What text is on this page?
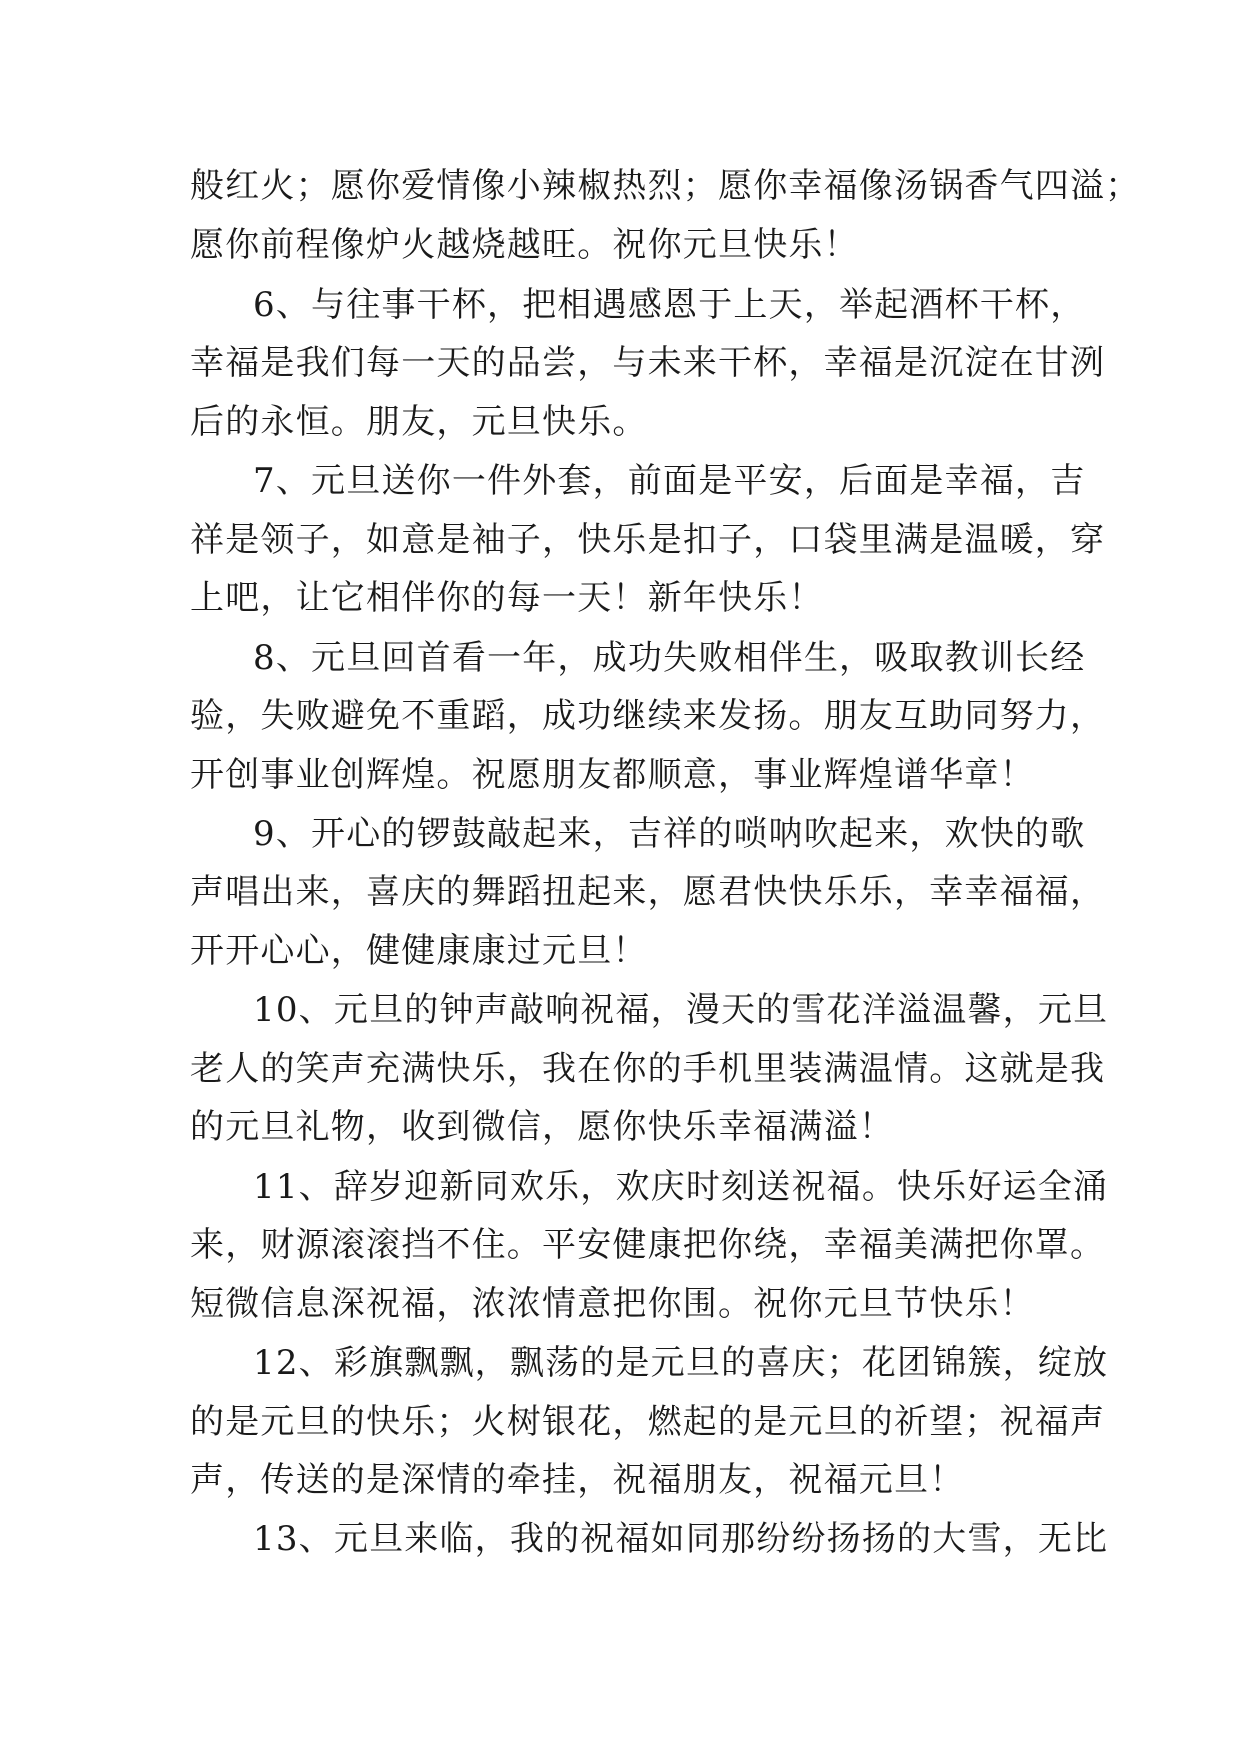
般红火；愿你爱情像小辣椒热烈；愿你幸福像汤锅香气四溢；
愿你前程像炉火越烧越旺。祝你元旦快乐！
6、与往事干杯，把相遇感恩于上天，举起酒杯干杯，
幸福是我们每一天的品尝，与未来干杯，幸福是沉淀在甘洌
后的永恒。朋友，元旦快乐。
7、元旦送你一件外套，前面是平安，后面是幸福，吉
祥是领子，如意是袖子，快乐是扣子，口袋里满是温暖，穿
上吧，让它相伴你的每一天！新年快乐！
8、元旦回首看一年，成功失败相伴生，吸取教训长经
验，失败避免不重蹈，成功继续来发扬。朋友互助同努力，
开创事业创辉煌。祝愿朋友都顺意，事业辉煌谱华章！
9、开心的锣鼓敲起来，吉祥的唢呐吹起来，欢快的歌
声唱出来，喜庆的舞蹈扭起来，愿君快快乐乐，幸幸福福，
开开心心，健健康康过元旦！
10、元旦的钟声敲响祝福，漫天的雪花洋溢温馨，元旦
老人的笑声充满快乐，我在你的手机里装满温情。这就是我
的元旦礼物，收到微信，愿你快乐幸福满溢！
11、辞岁迎新同欢乐，欢庆时刻送祝福。快乐好运全涌
来，财源滚滚挡不住。平安健康把你绕，幸福美满把你罩。
短微信息深祝福，浓浓情意把你围。祝你元旦节快乐！
12、彩旗飘飘，飘荡的是元旦的喜庆；花团锦簇，绽放
的是元旦的快乐；火树银花，燃起的是元旦的祈望；祝福声
声，传送的是深情的牵挂，祝福朋友，祝福元旦！
13、元旦来临，我的祝福如同那纷纷扬扬的大雪，无比
